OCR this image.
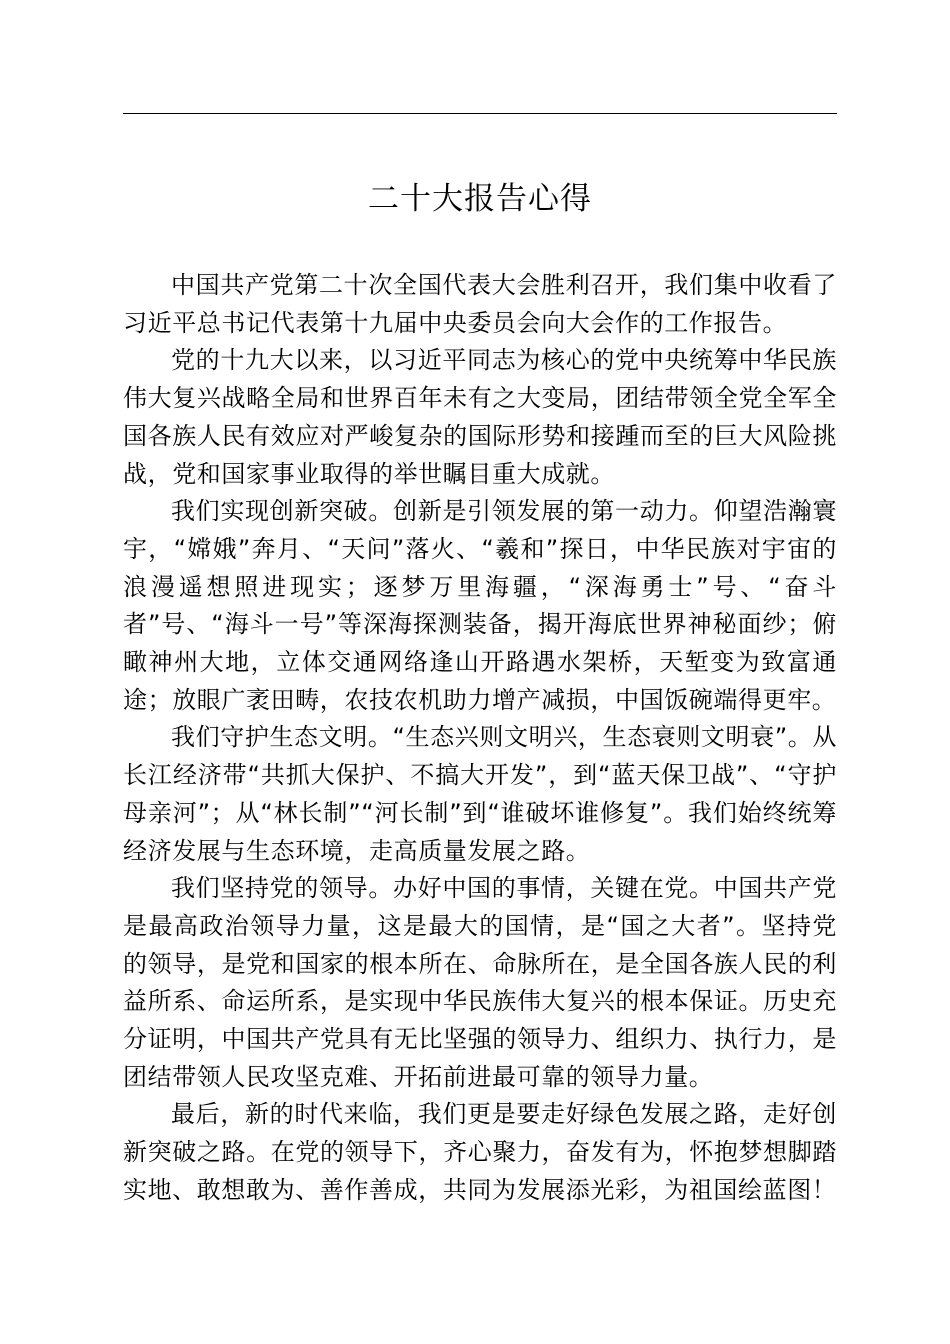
二十大报告心得

中国共产党第二十次全国代表大会胜利召开，我们集中收看了习近平总书记代表第十九届中央委员会向大会作的工作报告。

党的十九大以来，以习近平同志为核心的党中央统筹中华民族伟大复兴战略全局和世界百年未有之大变局，团结带领全党全军全国各族人民有效应对严峻复杂的国际形势和接踵而至的巨大风险挑战，党和国家事业取得的举世瞩目重大成就。

我们实现创新突破。创新是引领发展的第一动力。仰望浩瀚寰宇，“嫦娥”奔月、“天问”落火、“羲和”探日，中华民族对宇宙的浪漫遥想照进现实；逐梦万里海疆，“深海勇士”号、“奋斗者”号、“海斗一号”等深海探测装备，揭开海底世界神秘面纱；俯瞰神州大地，立体交通网络逢山开路遇水架桥，天堑变为致富通途；放眼广袤田畴，农技农机助力增产减损，中国饭碗端得更牢。

我们守护生态文明。“生态兴则文明兴，生态衰则文明衰”。从长江经济带“共抓大保护、不搞大开发”，到“蓝天保卫战”、“守护母亲河”；从“林长制”“河长制”到“谁破坏谁修复”。我们始终统筹经济发展与生态环境，走高质量发展之路。

我们坚持党的领导。办好中国的事情，关键在党。中国共产党是最高政治领导力量，这是最大的国情，是“国之大者”。坚持党的领导，是党和国家的根本所在、命脉所在，是全国各族人民的利益所系、命运所系，是实现中华民族伟大复兴的根本保证。历史充分证明，中国共产党具有无比坚强的领导力、组织力、执行力，是团结带领人民攻坚克难、开拓前进最可靠的领导力量。

最后，新的时代来临，我们更是要走好绿色发展之路，走好创新突破之路。在党的领导下，齐心聚力，奋发有为，怀抱梦想脚踏实地、敢想敢为、善作善成，共同为发展添光彩，为祖国绘蓝图！
